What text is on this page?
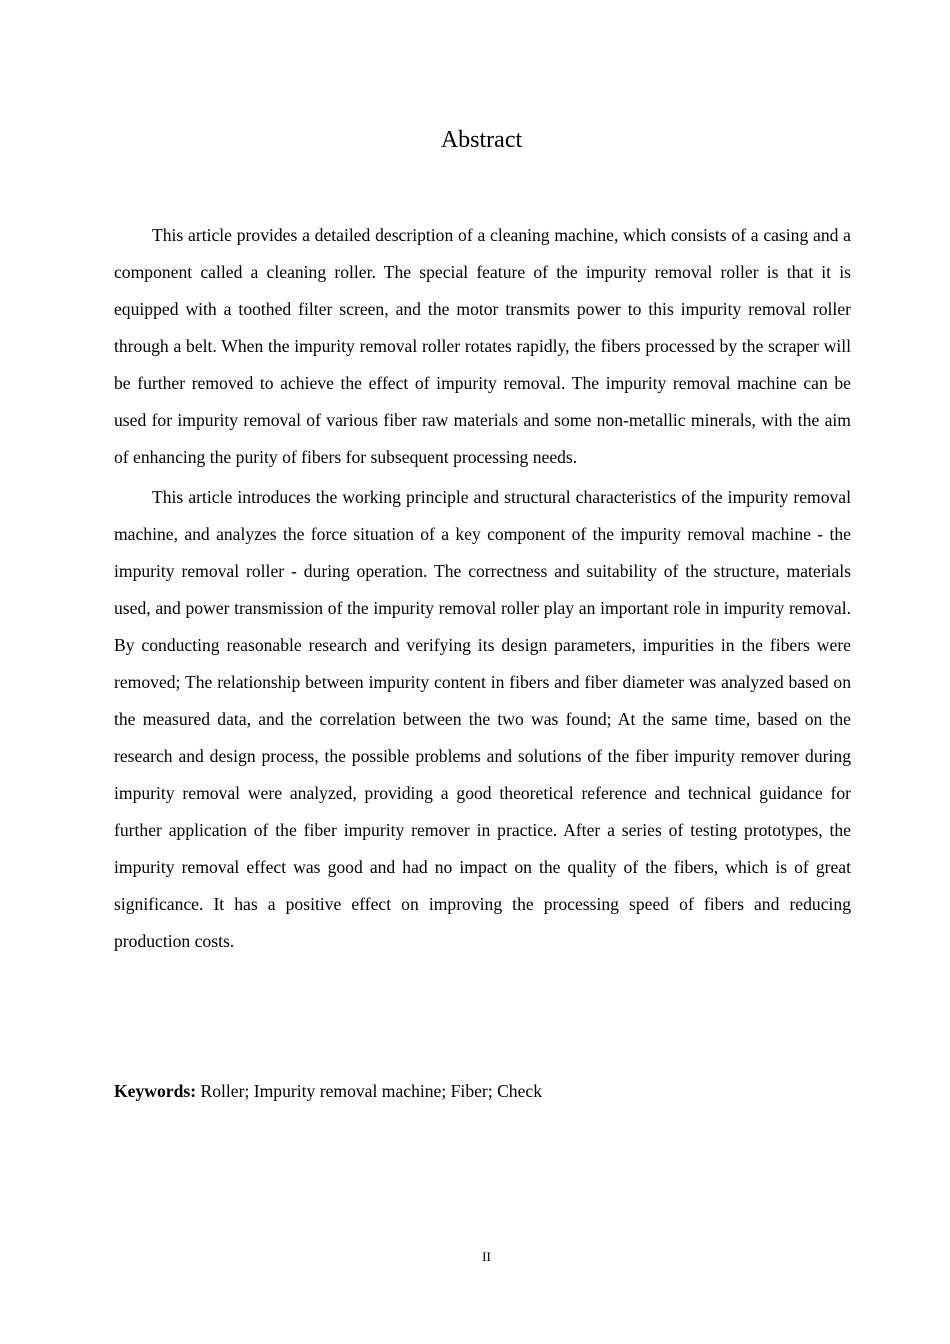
Abstract

This article provides a detailed description of a cleaning machine, which consists of a casing and a component called a cleaning roller. The special feature of the impurity removal roller is that it is equipped with a toothed filter screen, and the motor transmits power to this impurity removal roller through a belt. When the impurity removal roller rotates rapidly, the fibers processed by the scraper will be further removed to achieve the effect of impurity removal. The impurity removal machine can be used for impurity removal of various fiber raw materials and some non-metallic minerals, with the aim of enhancing the purity of fibers for subsequent processing needs.

This article introduces the working principle and structural characteristics of the impurity removal machine, and analyzes the force situation of a key component of the impurity removal machine - the impurity removal roller - during operation. The correctness and suitability of the structure, materials used, and power transmission of the impurity removal roller play an important role in impurity removal. By conducting reasonable research and verifying its design parameters, impurities in the fibers were removed; The relationship between impurity content in fibers and fiber diameter was analyzed based on the measured data, and the correlation between the two was found; At the same time, based on the research and design process, the possible problems and solutions of the fiber impurity remover during impurity removal were analyzed, providing a good theoretical reference and technical guidance for further application of the fiber impurity remover in practice. After a series of testing prototypes, the impurity removal effect was good and had no impact on the quality of the fibers, which is of great significance. It has a positive effect on improving the processing speed of fibers and reducing production costs.

Keywords: Roller; Impurity removal machine; Fiber; Check

II
